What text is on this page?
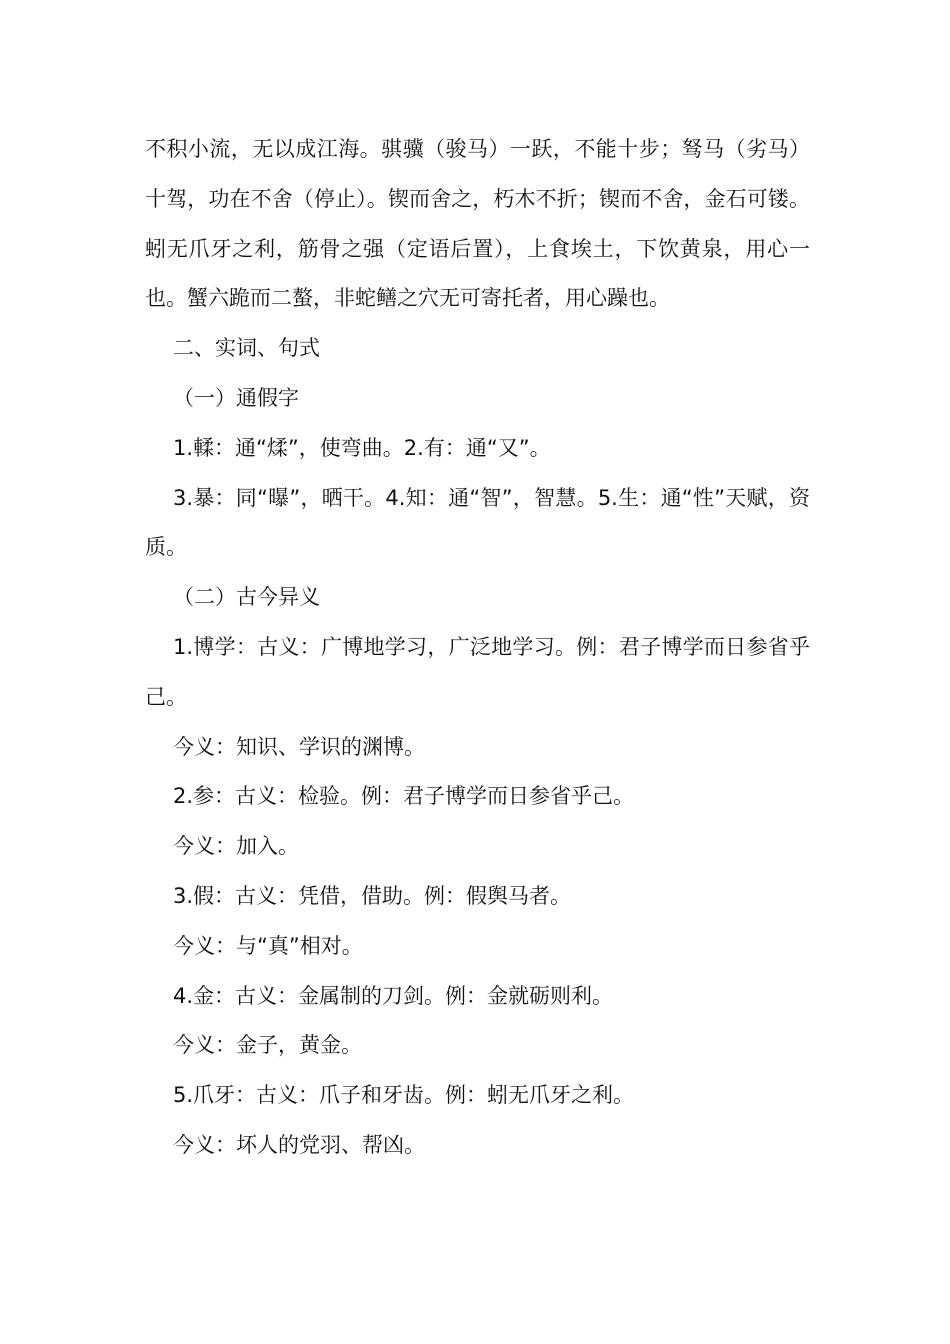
不积小流，无以成江海。骐骥（骏马）一跃，不能十步；驽马（劣马）十驾，功在不舍（停止）。锲而舍之，朽木不折；锲而不舍，金石可镂。蚓无爪牙之利，筋骨之强（定语后置），上食埃土，下饮黄泉，用心一也。蟹六跪而二螯，非蛇鳝之穴无可寄托者，用心躁也。

二、实词、句式

（一）通假字

1.輮：通“煣”，使弯曲。2.有：通“又”。

3.暴：同“曝”，晒干。4.知：通“智”，智慧。5.生：通“性”天赋，资质。

（二）古今异义

1.博学：古义：广博地学习，广泛地学习。例：君子博学而日参省乎己。

今义：知识、学识的渊博。

2.参：古义：检验。例：君子博学而日参省乎己。

今义：加入。

3.假：古义：凭借，借助。例：假舆马者。

今义：与“真”相对。

4.金：古义：金属制的刀剑。例：金就砺则利。

今义：金子，黄金。

5.爪牙：古义：爪子和牙齿。例：蚓无爪牙之利。

今义：坏人的党羽、帮凶。
